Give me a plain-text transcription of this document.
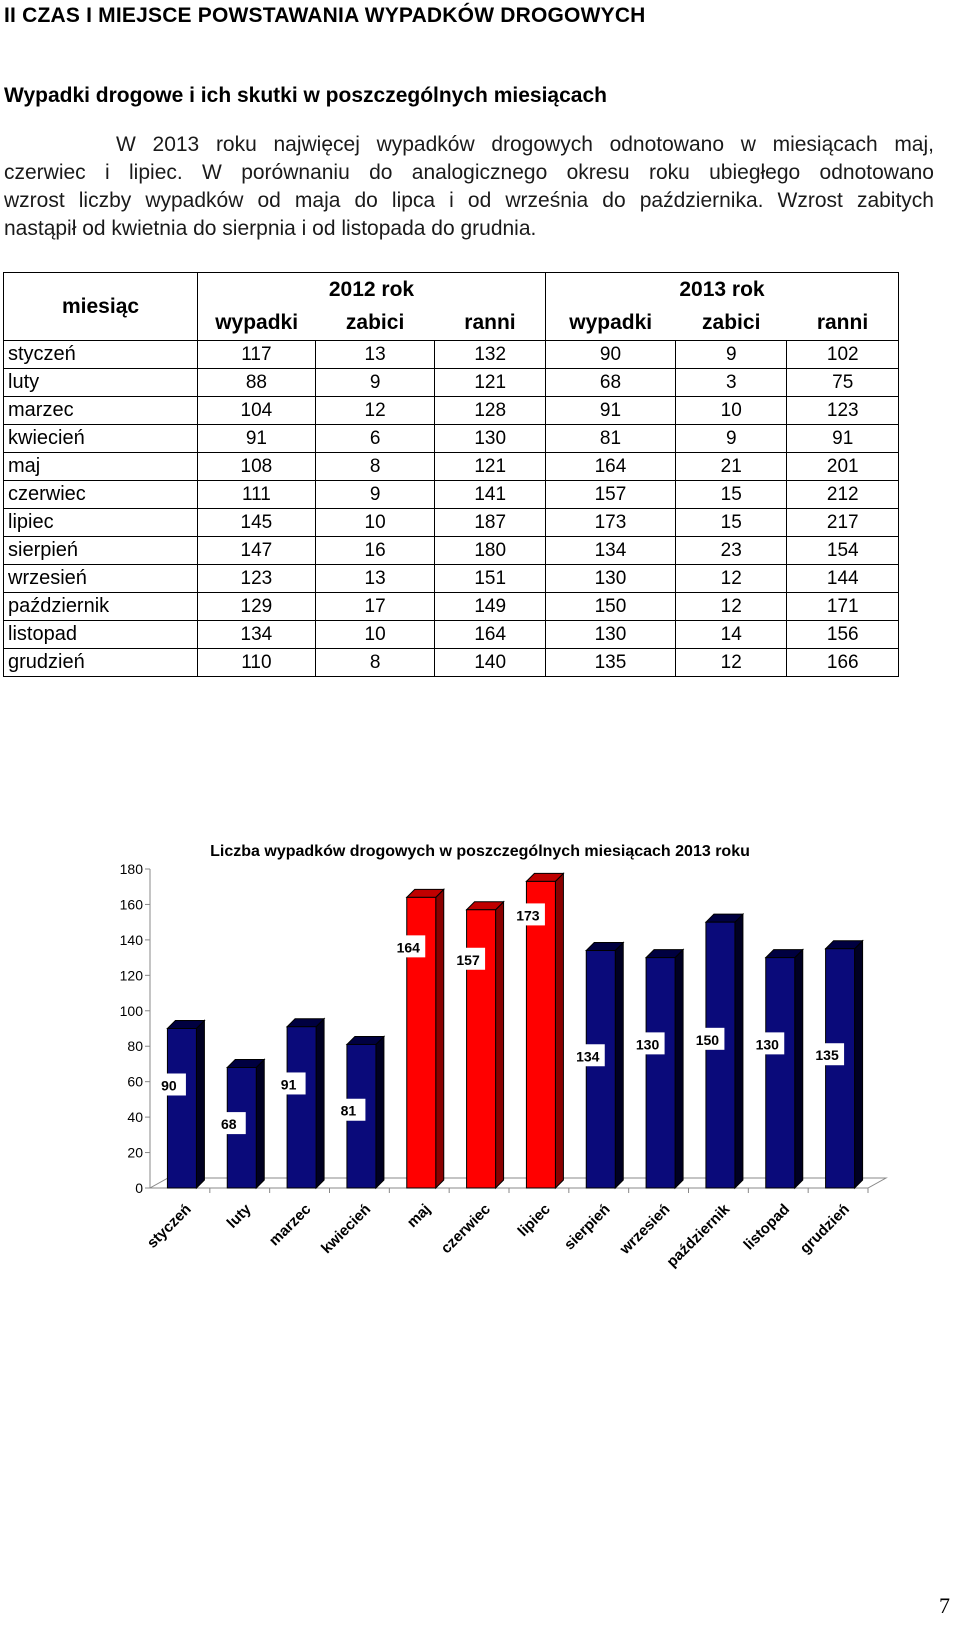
II CZAS I MIEJSCE POWSTAWANIA WYPADKÓW DROGOWYCH
Wypadki drogowe i ich skutki w poszczególnych miesiącach
W 2013 roku najwięcej wypadków drogowych odnotowano w miesiącach maj,
czerwiec i lipiec. W porównaniu do analogicznego okresu roku ubiegłego odnotowano
wzrost liczby wypadków od maja do lipca i od września do października. Wzrost zabitych
nastąpił od kwietnia do sierpnia i od listopada do grudnia.
miesiąc	2012 rok			2013 rok		
	wypadki	zabici	ranni	wypadki	zabici	ranni
styczeń	117	13	132	90	9	102
luty	88	9	121	68	3	75
marzec	104	12	128	91	10	123
kwiecień	91	6	130	81	9	91
maj	108	8	121	164	21	201
czerwiec	111	9	141	157	15	212
lipiec	145	10	187	173	15	217
sierpień	147	16	180	134	23	154
wrzesień	123	13	151	130	12	144
październik	129	17	149	150	12	171
listopad	134	10	164	130	14	156
grudzień	110	8	140	135	12	166
Liczba wypadków drogowych w poszczególnych miesiącach 2013 roku
0
20
40
60
80
100
120
140
160
180
90
styczeń
68
luty
91
marzec
81
kwiecień
164
maj
157
czerwiec
173
lipiec
134
sierpień
130
wrzesień
150
październik
130
listopad
135
grudzień
7
